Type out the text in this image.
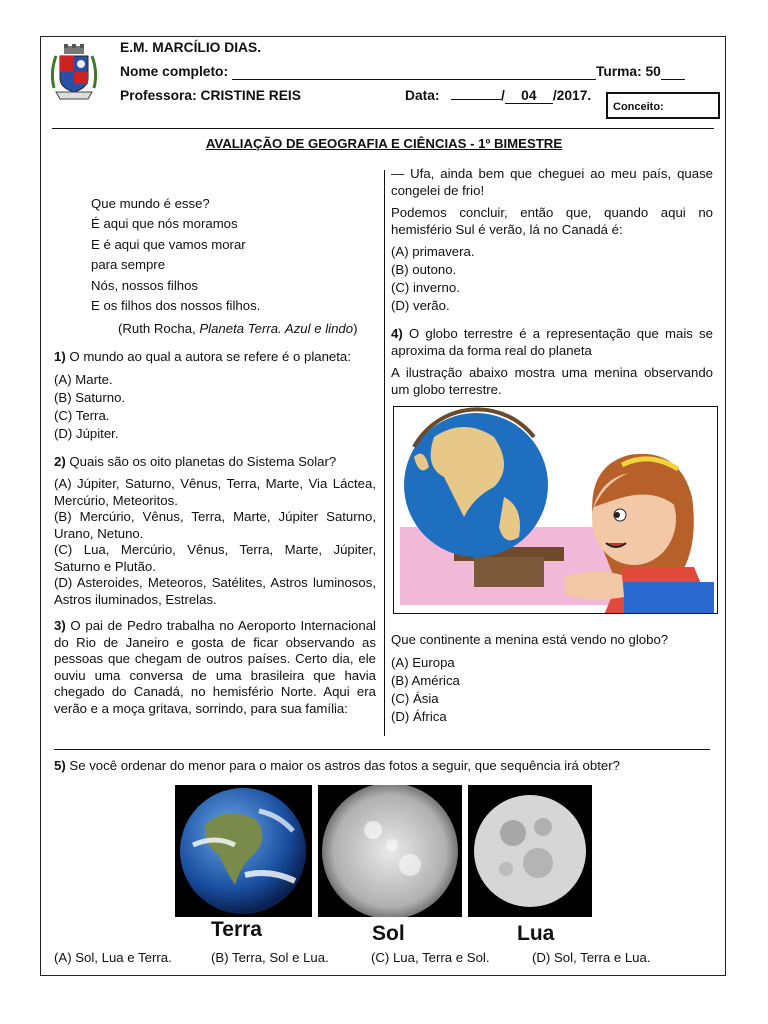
E.M. MARCÍLIO DIAS.
Nome completo:	Turma: 50
Professora: CRISTINE REIS	Data:	/ 04 /2017.
Conceito:
AVALIAÇÃO DE GEOGRAFIA E CIÊNCIAS - 1º BIMESTRE
Que mundo é esse?
É aqui que nós moramos
E é aqui que vamos morar
para sempre
Nós, nossos filhos
E os filhos dos nossos filhos.
(Ruth Rocha, Planeta Terra. Azul e lindo)

1) O mundo ao qual a autora se refere é o planeta:

(A) Marte.
(B) Saturno.
(C) Terra.
(D) Júpiter.

2) Quais são os oito planetas do Sistema Solar?

(A) Júpiter, Saturno, Vênus, Terra, Marte, Via Láctea, Mercúrio, Meteoritos.

(B) Mercúrio, Vênus, Terra, Marte, Júpiter Saturno, Urano, Netuno.

(C) Lua, Mercúrio, Vênus, Terra, Marte, Júpiter, Saturno e Plutão.

(D) Asteroides, Meteoros, Satélites, Astros luminosos, Astros iluminados, Estrelas.

3) O pai de Pedro trabalha no Aeroporto Internacional do Rio de Janeiro e gosta de ficar observando as pessoas que chegam de outros países. Certo dia, ele ouviu uma conversa de uma brasileira que havia chegado do Canadá, no hemisfério Norte. Aqui era verão e a moça gritava, sorrindo, para sua família:

— Ufa, ainda bem que cheguei ao meu país, quase congelei de frio!

Podemos concluir, então que, quando aqui no hemisfério Sul é verão, lá no Canadá é:

(A) primavera.
(B) outono.
(C) inverno.
(D) verão.

4) O globo terrestre é a representação que mais se aproxima da forma real do planeta

A ilustração abaixo mostra uma menina observando um globo terrestre.

Que continente a menina está vendo no globo?

(A) Europa
(B) América
(C) Ásia
(D) África

5) Se você ordenar do menor para o maior os astros das fotos a seguir, que sequência irá obter?

Terra	Sol	Lua
(A) Sol, Lua e Terra.	(B) Terra, Sol e Lua.	(C) Lua, Terra e Sol.	(D) Sol, Terra e Lua.
